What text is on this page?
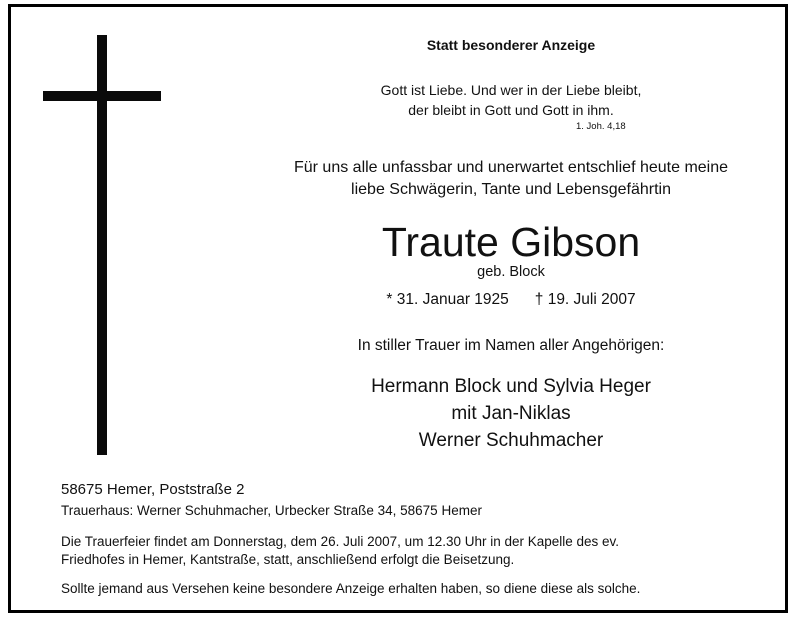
Statt besonderer Anzeige
Gott ist Liebe. Und wer in der Liebe bleibt,
der bleibt in Gott und Gott in ihm.
1. Joh. 4,18
Für uns alle unfassbar und unerwartet entschlief heute meine
liebe Schwägerin, Tante und Lebensgefährtin
Traute Gibson
geb. Block
* 31. Januar 1925 † 19. Juli 2007
In stiller Trauer im Namen aller Angehörigen:
Hermann Block und Sylvia Heger
mit Jan-Niklas
Werner Schuhmacher
58675 Hemer, Poststraße 2
Trauerhaus: Werner Schuhmacher, Urbecker Straße 34, 58675 Hemer
Die Trauerfeier findet am Donnerstag, dem 26. Juli 2007, um 12.30 Uhr in der Kapelle des ev.
Friedhofes in Hemer, Kantstraße, statt, anschließend erfolgt die Beisetzung.
Sollte jemand aus Versehen keine besondere Anzeige erhalten haben, so diene diese als solche.
